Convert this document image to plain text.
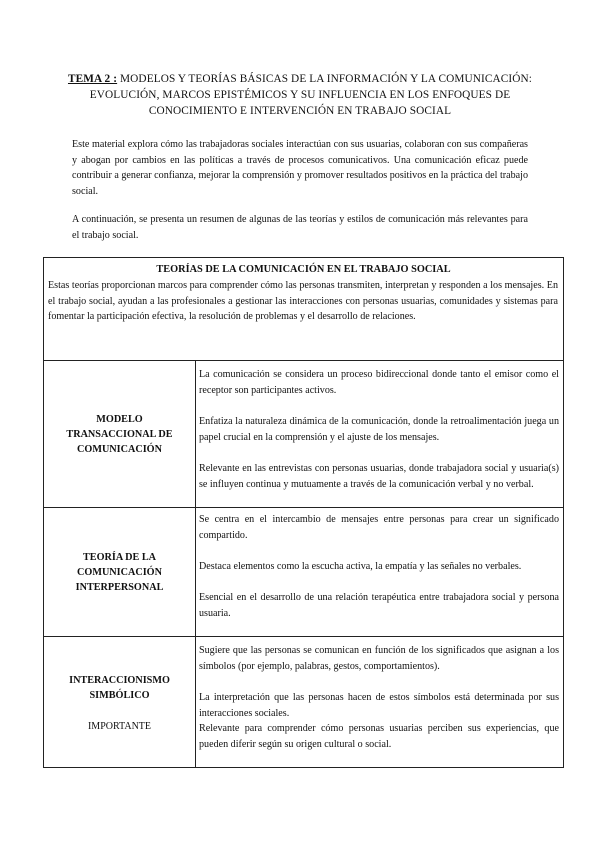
TEMA 2 : MODELOS Y TEORÍAS BÁSICAS DE LA INFORMACIÓN Y LA COMUNICACIÓN: EVOLUCIÓN, MARCOS EPISTÉMICOS Y SU INFLUENCIA EN LOS ENFOQUES DE CONOCIMIENTO E INTERVENCIÓN EN TRABAJO SOCIAL
Este material explora cómo las trabajadoras sociales interactúan con sus usuarias, colaboran con sus compañeras y abogan por cambios en las políticas a través de procesos comunicativos. Una comunicación eficaz puede contribuir a generar confianza, mejorar la comprensión y promover resultados positivos en la práctica del trabajo social.
A continuación, se presenta un resumen de algunas de las teorías y estilos de comunicación más relevantes para el trabajo social.
TEORÍAS DE LA COMUNICACIÓN EN EL TRABAJO SOCIAL
Estas teorías proporcionan marcos para comprender cómo las personas transmiten, interpretan y responden a los mensajes. En el trabajo social, ayudan a las profesionales a gestionar las interacciones con personas usuarias, comunidades y sistemas para fomentar la participación efectiva, la resolución de problemas y el desarrollo de relaciones.
MODELO TRANSACCIONAL DE COMUNICACIÓN
La comunicación se considera un proceso bidireccional donde tanto el emisor como el receptor son participantes activos.
Enfatiza la naturaleza dinámica de la comunicación, donde la retroalimentación juega un papel crucial en la comprensión y el ajuste de los mensajes.
Relevante en las entrevistas con personas usuarias, donde trabajadora social y usuaria(s) se influyen continua y mutuamente a través de la comunicación verbal y no verbal.
TEORÍA DE LA COMUNICACIÓN INTERPERSONAL
Se centra en el intercambio de mensajes entre personas para crear un significado compartido.
Destaca elementos como la escucha activa, la empatía y las señales no verbales.
Esencial en el desarrollo de una relación terapéutica entre trabajadora social y persona usuaria.
INTERACCIONISMO SIMBÓLICO
IMPORTANTE
Sugiere que las personas se comunican en función de los significados que asignan a los símbolos (por ejemplo, palabras, gestos, comportamientos).
La interpretación que las personas hacen de estos símbolos está determinada por sus interacciones sociales.
Relevante para comprender cómo personas usuarias perciben sus experiencias, que pueden diferir según su origen cultural o social.
